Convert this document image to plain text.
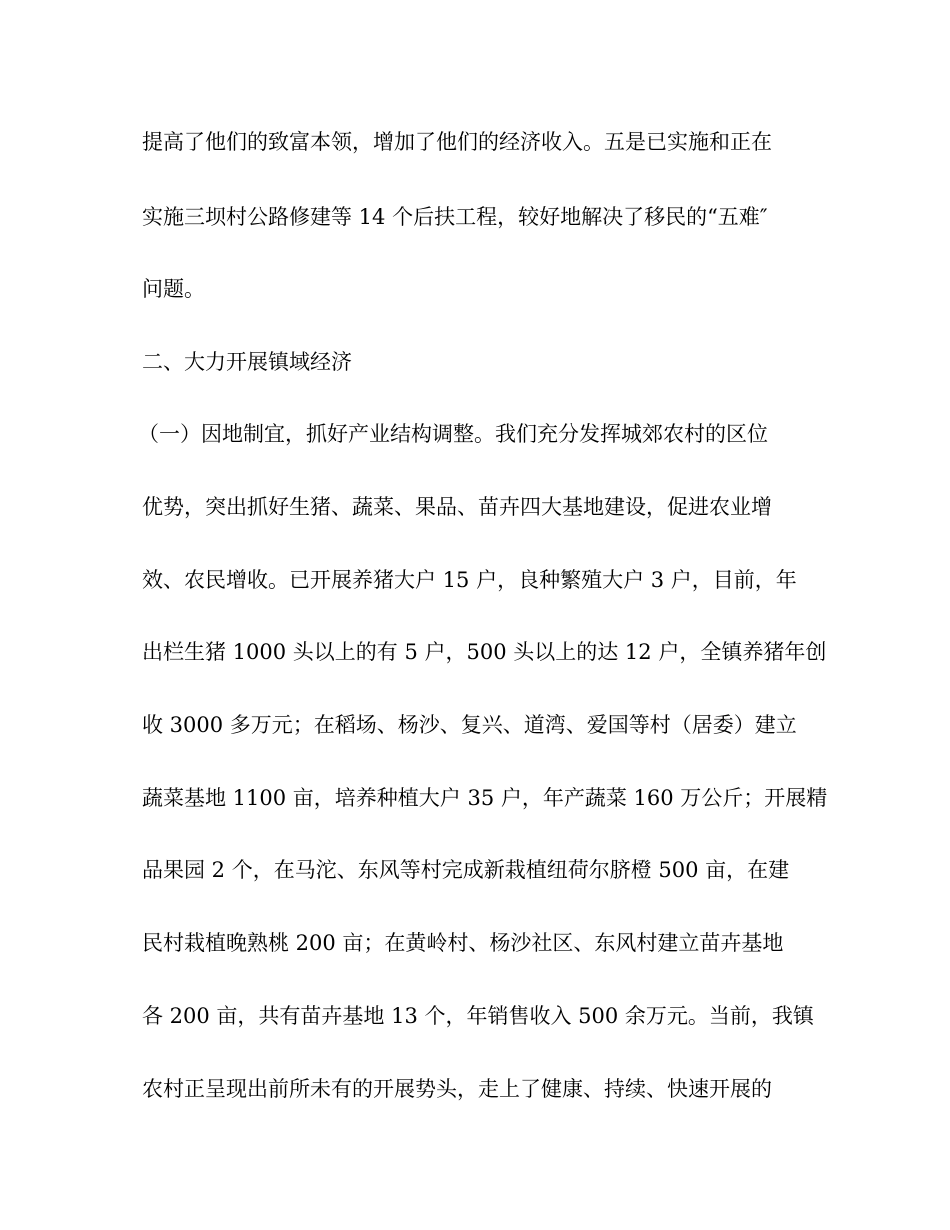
提高了他们的致富本领，增加了他们的经济收入。五是已实施和正在
实施三坝村公路修建等 14 个后扶工程，较好地解决了移民的“五难″
问题。
二、大力开展镇域经济
（一）因地制宜，抓好产业结构调整。我们充分发挥城郊农村的区位
优势，突出抓好生猪、蔬菜、果品、苗卉四大基地建设，促进农业增
效、农民增收。已开展养猪大户 15 户，良种繁殖大户 3 户，目前，年
出栏生猪 1000 头以上的有 5 户，500 头以上的达 12 户，全镇养猪年创
收 3000 多万元；在稻场、杨沙、复兴、道湾、爱国等村（居委）建立
蔬菜基地 1100 亩，培养种植大户 35 户，年产蔬菜 160 万公斤；开展精
品果园 2 个，在马沱、东风等村完成新栽植纽荷尔脐橙 500 亩，在建
民村栽植晚熟桃 200 亩；在黄岭村、杨沙社区、东风村建立苗卉基地
各 200 亩，共有苗卉基地 13 个，年销售收入 500 余万元。当前，我镇
农村正呈现出前所未有的开展势头，走上了健康、持续、快速开展的
